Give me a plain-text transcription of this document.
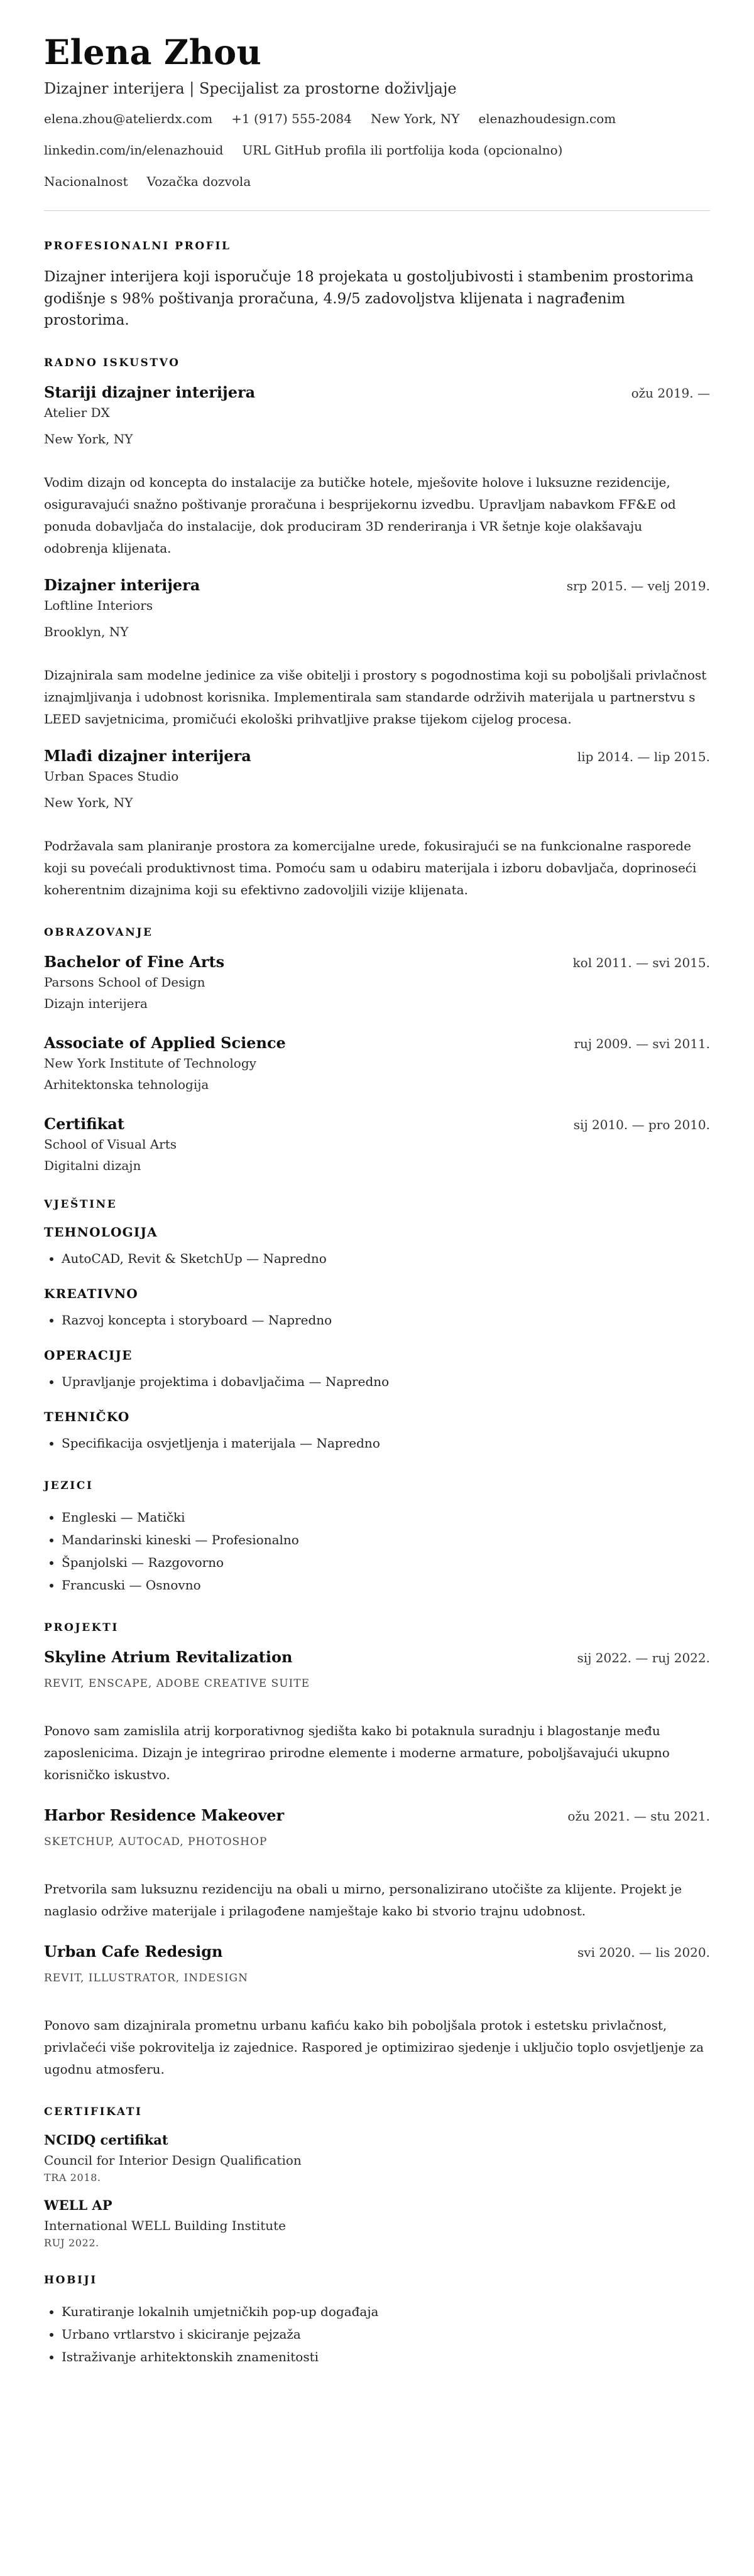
Elena Zhou
Dizajner interijera | Specijalist za prostorne doživljaje
elena.zhou@atelierdx.com +1 (917) 555-2084 New York, NY elenazhoudesign.com
linkedin.com/in/elenazhouid URL GitHub profila ili portfolija koda (opcionalno)
Nacionalnost Vozačka dozvola
PROFESIONALNI PROFIL
Dizajner interijera koji isporučuje 18 projekata u gostoljubivosti i stambenim prostorima godišnje s 98% poštivanja proračuna, 4.9/5 zadovoljstva klijenata i nagrađenim prostorima.
RADNO ISKUSTVO
Stariji dizajner interijera	ožu 2019. —
Atelier DX
New York, NY
Vodim dizajn od koncepta do instalacije za butičke hotele, mješovite holove i luksuzne rezidencije, osiguravajući snažno poštivanje proračuna i besprijekornu izvedbu. Upravljam nabavkom FF&E od ponuda dobavljača do instalacije, dok produciram 3D renderiranja i VR šetnje koje olakšavaju odobrenja klijenata.
Dizajner interijera	srp 2015. — velj 2019.
Loftline Interiors
Brooklyn, NY
Dizajnirala sam modelne jedinice za više obitelji i prostory s pogodnostima koji su poboljšali privlačnost iznajmljivanja i udobnost korisnika. Implementirala sam standarde održivih materijala u partnerstvu s LEED savjetnicima, promičući ekološki prihvatljive prakse tijekom cijelog procesa.
Mlađi dizajner interijera	lip 2014. — lip 2015.
Urban Spaces Studio
New York, NY
Podržavala sam planiranje prostora za komercijalne urede, fokusirajući se na funkcionalne rasporede koji su povećali produktivnost tima. Pomoću sam u odabiru materijala i izboru dobavljača, doprinoseći koherentnim dizajnima koji su efektivno zadovoljili vizije klijenata.
OBRAZOVANJE
Bachelor of Fine Arts	kol 2011. — svi 2015.
Parsons School of Design
Dizajn interijera
Associate of Applied Science	ruj 2009. — svi 2011.
New York Institute of Technology
Arhitektonska tehnologija
Certifikat	sij 2010. — pro 2010.
School of Visual Arts
Digitalni dizajn
VJEŠTINE
TEHNOLOGIJA
• AutoCAD, Revit & SketchUp — Napredno
KREATIVNO
• Razvoj koncepta i storyboard — Napredno
OPERACIJE
• Upravljanje projektima i dobavljačima — Napredno
TEHNIČKO
• Specifikacija osvjetljenja i materijala — Napredno
JEZICI
• Engleski — Matički
• Mandarinski kineski — Profesionalno
• Španjolski — Razgovorno
• Francuski — Osnovno
PROJEKTI
Skyline Atrium Revitalization	sij 2022. — ruj 2022.
REVIT, ENSCAPE, ADOBE CREATIVE SUITE
Ponovo sam zamislila atrij korporativnog sjedišta kako bi potaknula suradnju i blagostanje među zaposlenicima. Dizajn je integrirao prirodne elemente i moderne armature, poboljšavajući ukupno korisničko iskustvo.
Harbor Residence Makeover	ožu 2021. — stu 2021.
SKETCHUP, AUTOCAD, PHOTOSHOP
Pretvorila sam luksuznu rezidenciju na obali u mirno, personalizirano utočište za klijente. Projekt je naglasio održive materijale i prilagođene namještaje kako bi stvorio trajnu udobnost.
Urban Cafe Redesign	svi 2020. — lis 2020.
REVIT, ILLUSTRATOR, INDESIGN
Ponovo sam dizajnirala prometnu urbanu kafiću kako bih poboljšala protok i estetsku privlačnost, privlačeći više pokrovitelja iz zajednice. Raspored je optimizirao sjedenje i uključio toplo osvjetljenje za ugodnu atmosferu.
CERTIFIKATI
NCIDQ certifikat
Council for Interior Design Qualification
TRA 2018.
WELL AP
International WELL Building Institute
RUJ 2022.
HOBIJI
• Kuratiranje lokalnih umjetničkih pop-up događaja
• Urbano vrtlarstvo i skiciranje pejzaža
• Istraživanje arhitektonskih znamenitosti
